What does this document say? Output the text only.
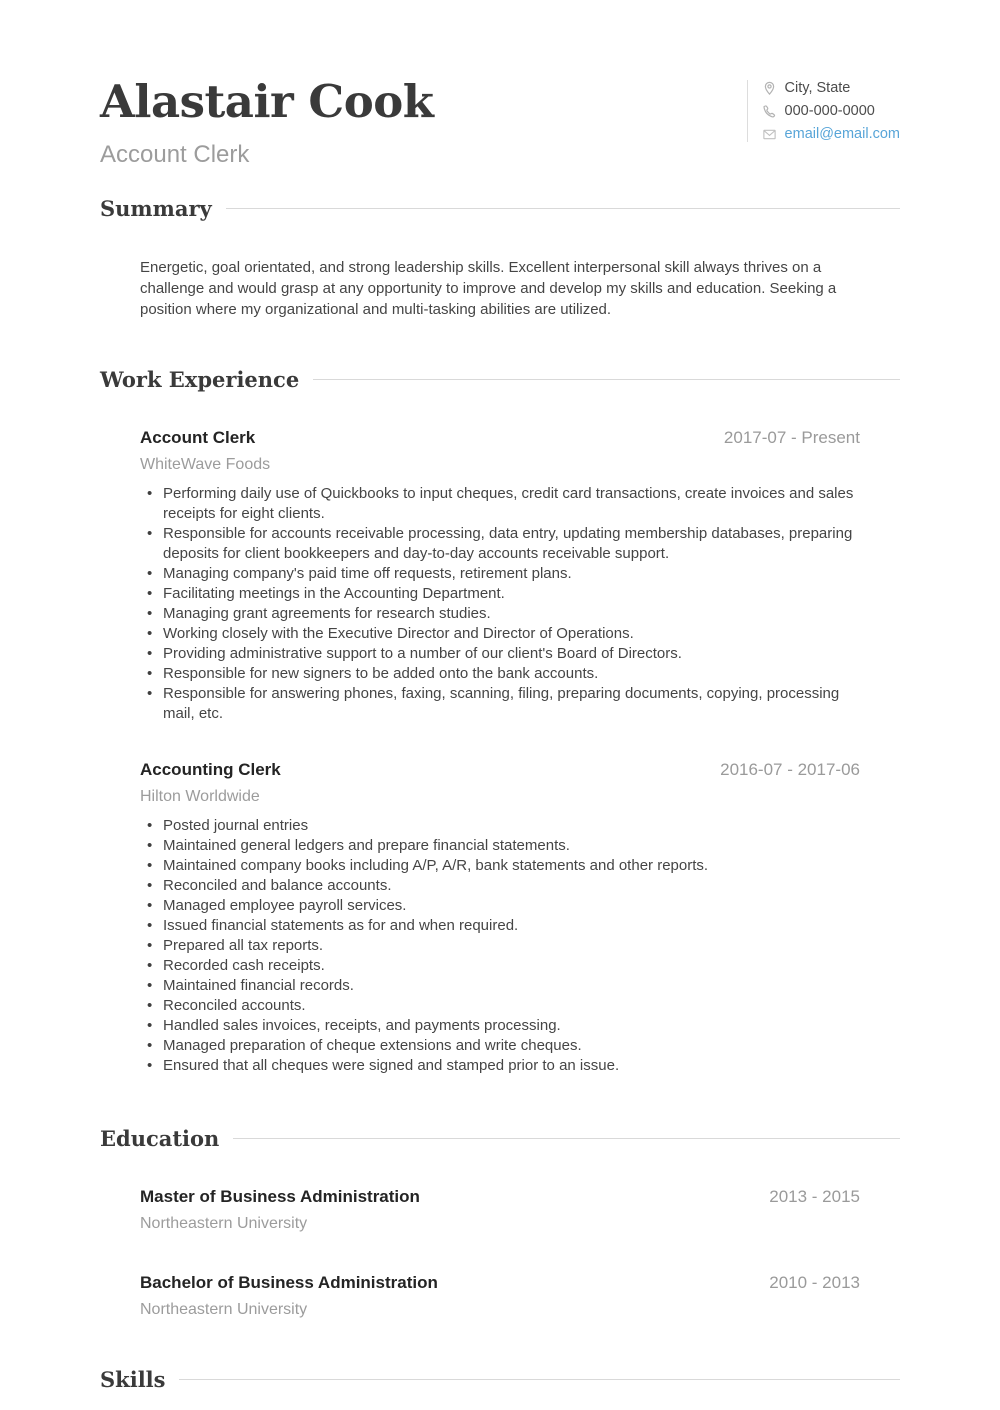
Alastair Cook
Account Clerk
City, State
000-000-0000
email@email.com
Summary

Energetic, goal orientated, and strong leadership skills. Excellent interpersonal skill always thrives on a challenge and would grasp at any opportunity to improve and develop my skills and education. Seeking a position where my organizational and multi-tasking abilities are utilized.

Work Experience
Account Clerk	2017-07 - Present
WhiteWave Foods
• Performing daily use of Quickbooks to input cheques, credit card transactions, create invoices and sales receipts for eight clients.
• Responsible for accounts receivable processing, data entry, updating membership databases, preparing deposits for client bookkeepers and day-to-day accounts receivable support.
• Managing company's paid time off requests, retirement plans.
• Facilitating meetings in the Accounting Department.
• Managing grant agreements for research studies.
• Working closely with the Executive Director and Director of Operations.
• Providing administrative support to a number of our client's Board of Directors.
• Responsible for new signers to be added onto the bank accounts.
• Responsible for answering phones, faxing, scanning, filing, preparing documents, copying, processing mail, etc.
Accounting Clerk	2016-07 - 2017-06
Hilton Worldwide
• Posted journal entries
• Maintained general ledgers and prepare financial statements.
• Maintained company books including A/P, A/R, bank statements and other reports.
• Reconciled and balance accounts.
• Managed employee payroll services.
• Issued financial statements as for and when required.
• Prepared all tax reports.
• Recorded cash receipts.
• Maintained financial records.
• Reconciled accounts.
• Handled sales invoices, receipts, and payments processing.
• Managed preparation of cheque extensions and write cheques.
• Ensured that all cheques were signed and stamped prior to an issue.
Education
Master of Business Administration	2013 - 2015
Northeastern University
Bachelor of Business Administration	2010 - 2013
Northeastern University
Skills
